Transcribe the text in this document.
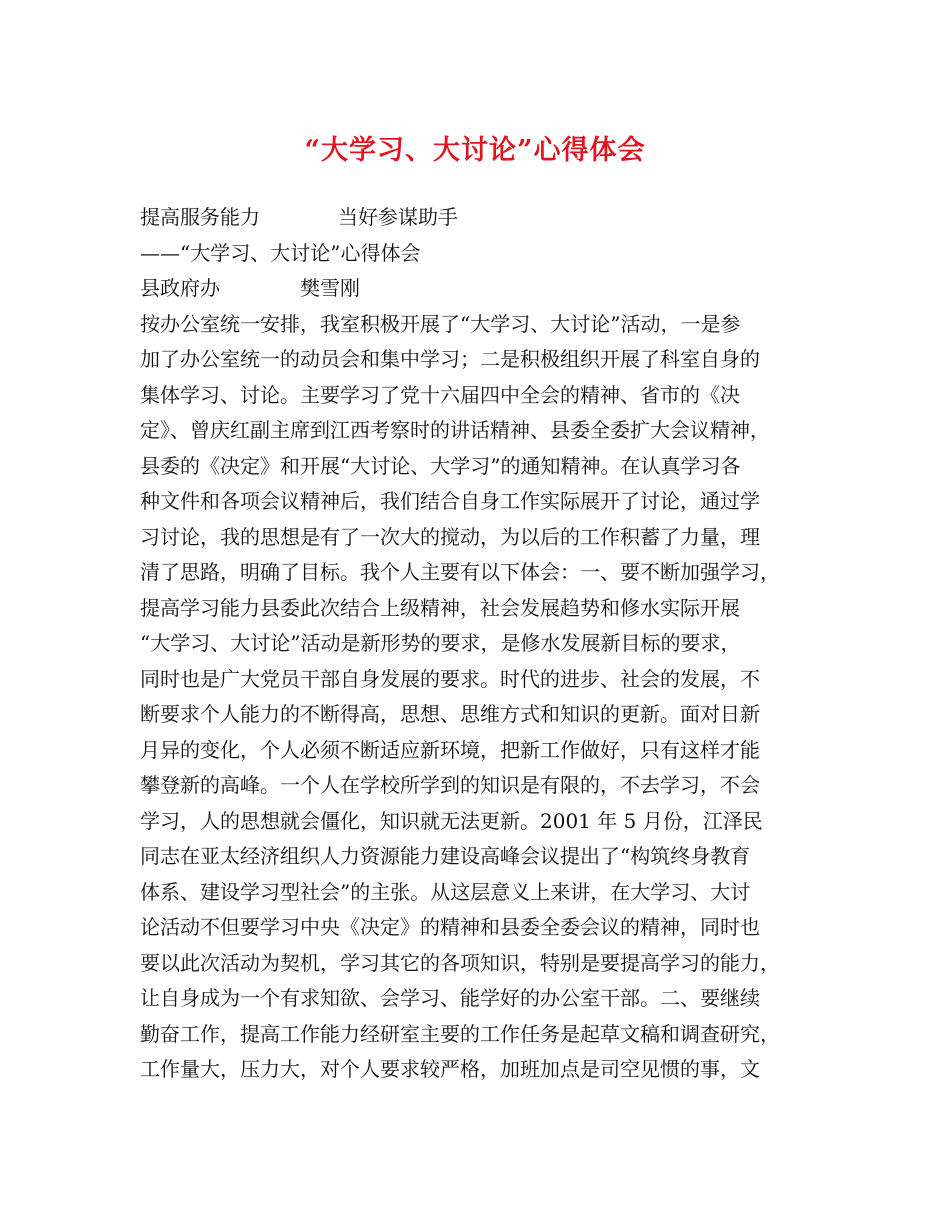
“大学习、大讨论”心得体会
提高服务能力	当好参谋助手
——“大学习、大讨论”心得体会
县政府办	樊雪刚
按办公室统一安排，我室积极开展了“大学习、大讨论”活动，一是参
加了办公室统一的动员会和集中学习；二是积极组织开展了科室自身的
集体学习、讨论。主要学习了党十六届四中全会的精神、省市的《决
定》、曾庆红副主席到江西考察时的讲话精神、县委全委扩大会议精神，
县委的《决定》和开展“大讨论、大学习”的通知精神。在认真学习各
种文件和各项会议精神后，我们结合自身工作实际展开了讨论，通过学
习讨论，我的思想是有了一次大的搅动，为以后的工作积蓄了力量，理
清了思路，明确了目标。我个人主要有以下体会：一、要不断加强学习，
提高学习能力县委此次结合上级精神，社会发展趋势和修水实际开展
“大学习、大讨论”活动是新形势的要求，是修水发展新目标的要求，
同时也是广大党员干部自身发展的要求。时代的进步、社会的发展，不
断要求个人能力的不断得高，思想、思维方式和知识的更新。面对日新
月异的变化，个人必须不断适应新环境，把新工作做好，只有这样才能
攀登新的高峰。一个人在学校所学到的知识是有限的，不去学习，不会
学习，人的思想就会僵化，知识就无法更新。2001 年 5 月份，江泽民
同志在亚太经济组织人力资源能力建设高峰会议提出了“构筑终身教育
体系、建设学习型社会”的主张。从这层意义上来讲，在大学习、大讨
论活动不但要学习中央《决定》的精神和县委全委会议的精神，同时也
要以此次活动为契机，学习其它的各项知识，特别是要提高学习的能力，
让自身成为一个有求知欲、会学习、能学好的办公室干部。二、要继续
勤奋工作，提高工作能力经研室主要的工作任务是起草文稿和调查研究，
工作量大，压力大，对个人要求较严格，加班加点是司空见惯的事，文
